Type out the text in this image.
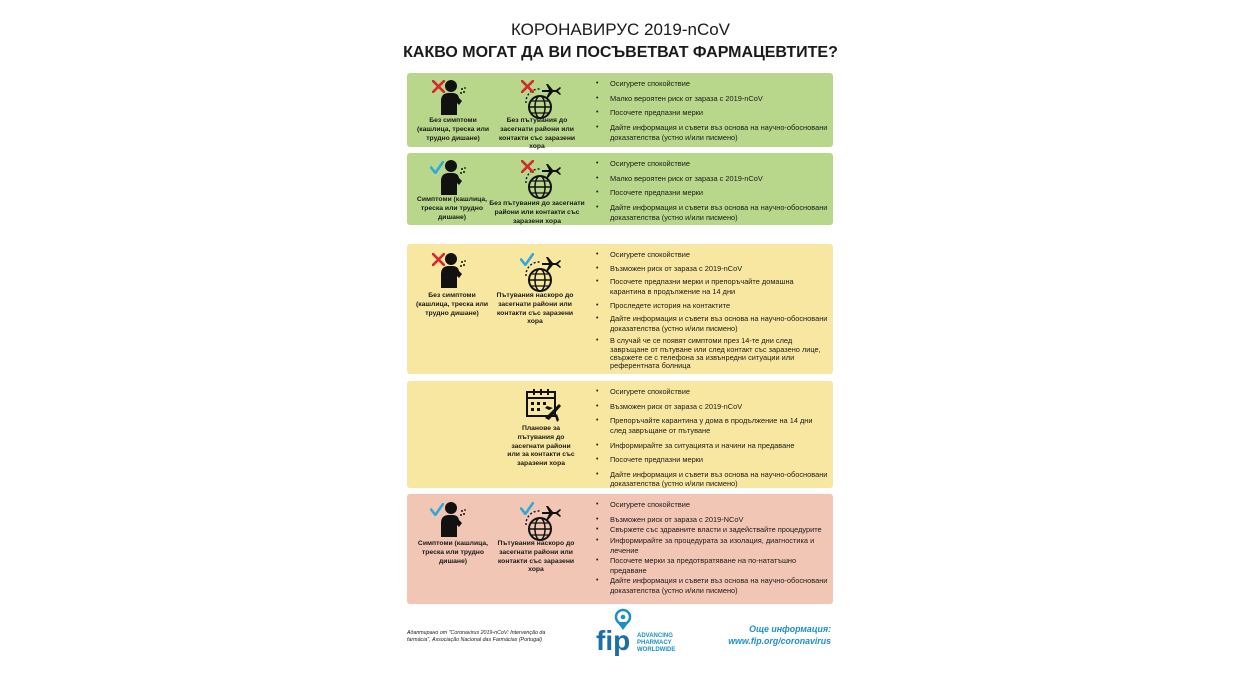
КОРОНАВИРУС 2019-nCoV
КАКВО МОГАТ ДА ВИ ПОСЪВЕТВАТ ФАРМАЦЕВТИТЕ?
Без симптоми (кашлица, треска или трудно дишане)
Без пътувания до засегнати райони или контакти със заразени хора
• Осигурете спокойствие
• Малко вероятен риск от зараза с 2019-nCoV
• Посочете предпазни мерки
• Дайте информация и съвети въз основа на научно-обосновани доказателства (устно и/или писмено)
Симптоми (кашлица, треска или трудно дишане)
Без пътувания до засегнати райони или контакти със заразени хора
• Осигурете спокойствие
• Малко вероятен риск от зараза с 2019-nCoV
• Посочете предпазни мерки
• Дайте информация и съвети въз основа на научно-обосновани доказателства (устно и/или писмено)
Без симптоми (кашлица, треска или трудно дишане)
Пътувания наскоро до засегнати райони или контакти със заразени хора
• Осигурете спокойствие
• Възможен риск от зараза с 2019-nCoV
• Посочете предпазни мерки и препоръчайте домашна карантина в продължение на 14 дни
• Проследете история на контактите
• Дайте информация и съвети въз основа на научно-обосновани доказателства (устно и/или писмено)
• В случай че се появят симптоми през 14-те дни след завръщане от пътуване или след контакт със заразено лице, свържете се с телефона за извънредни ситуации или референтната болница
Планове за пътувания до засегнати райони или за контакти със заразени хора
• Осигурете спокойствие
• Възможен риск от зараза с 2019-nCoV
• Препоръчайте карантина у дома в продължение на 14 дни след завръщане от пътуване
• Информирайте за ситуацията и начини на предаване
• Посочете предпазни мерки
• Дайте информация и съвети въз основа на научно-обосновани доказателства (устно и/или писмено)
Симптоми (кашлица, треска или трудно дишане)
Пътувания наскоро до засегнати райони или контакти със заразени хора
• Осигурете спокойствие
• Възможен риск от зараза с 2019-NCoV
• Свържете със здравните власти и задействайте процедурите
• Информирайте за процедурата за изолация, диагностика и лечение
• Посочете мерки за предотвратяване на по-нататъшно предаване
• Дайте информация и съвети въз основа на научно-обосновани доказателства (устно и/или писмено)
Адаптирано от "Coronavirus 2019-nCoV: Intervenção da farmácia", Associação Nacional das Farmácias (Portugal)	fip ADVANCING
PHARMACY
WORLDWIDE
Още информация:
www.fip.org/coronavirus
